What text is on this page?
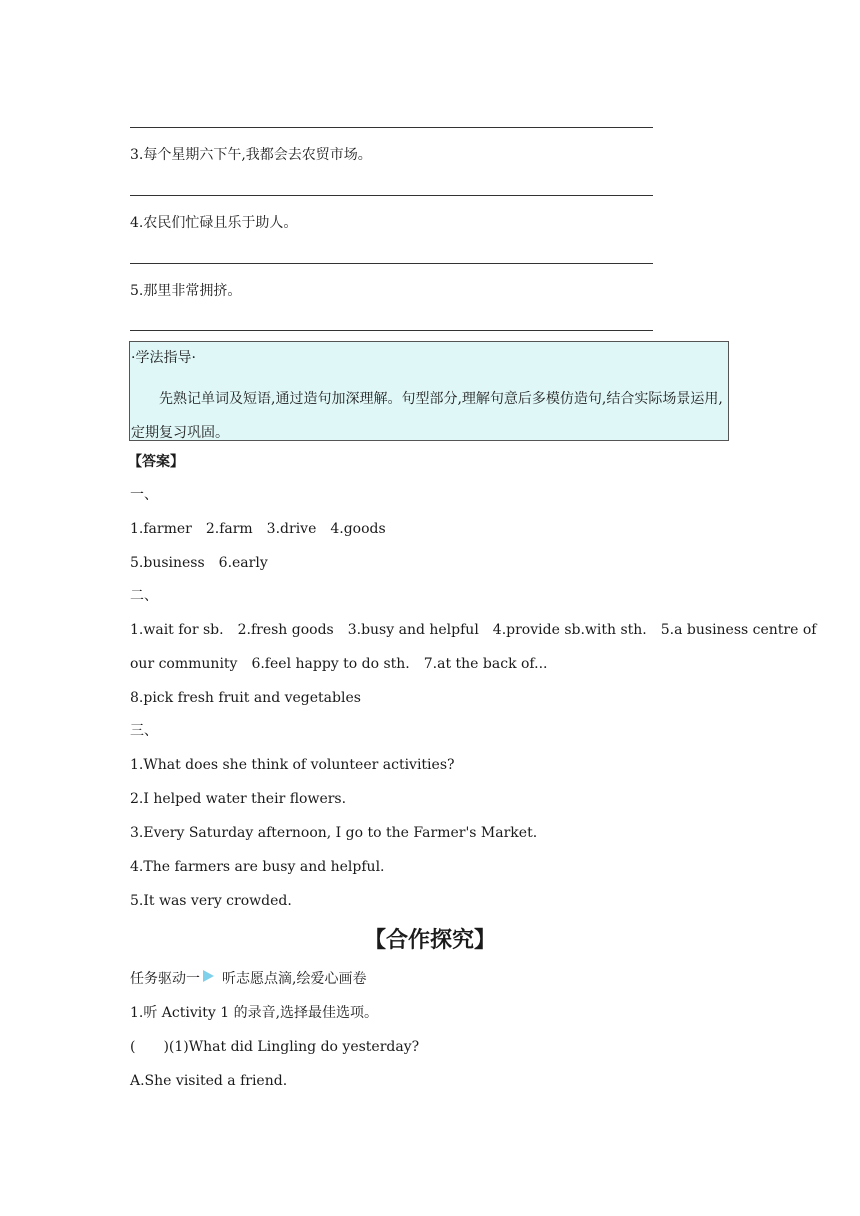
3.每个星期六下午,我都会去农贸市场。
4.农民们忙碌且乐于助人。
5.那里非常拥挤。
·学法指导·
先熟记单词及短语,通过造句加深理解。句型部分,理解句意后多模仿造句,结合实际场景运用,定期复习巩固。
【答案】
一、
1.farmer　2.farm　3.drive　4.goods
5.business　6.early
二、
1.wait for sb.　2.fresh goods　3.busy and helpful　4.provide sb.with sth.　5.a business centre of
our community　6.feel happy to do sth.　7.at the back of...
8.pick fresh fruit and vegetables
三、
1.What does she think of volunteer activities?
2.I helped water their flowers.
3.Every Saturday afternoon, I go to the Farmer's Market.
4.The farmers are busy and helpful.
5.It was very crowded.
【合作探究】
任务驱动一 听志愿点滴,绘爱心画卷
1.听 Activity 1 的录音,选择最佳选项。
(　　)(1)What did Lingling do yesterday?
A.She visited a friend.
